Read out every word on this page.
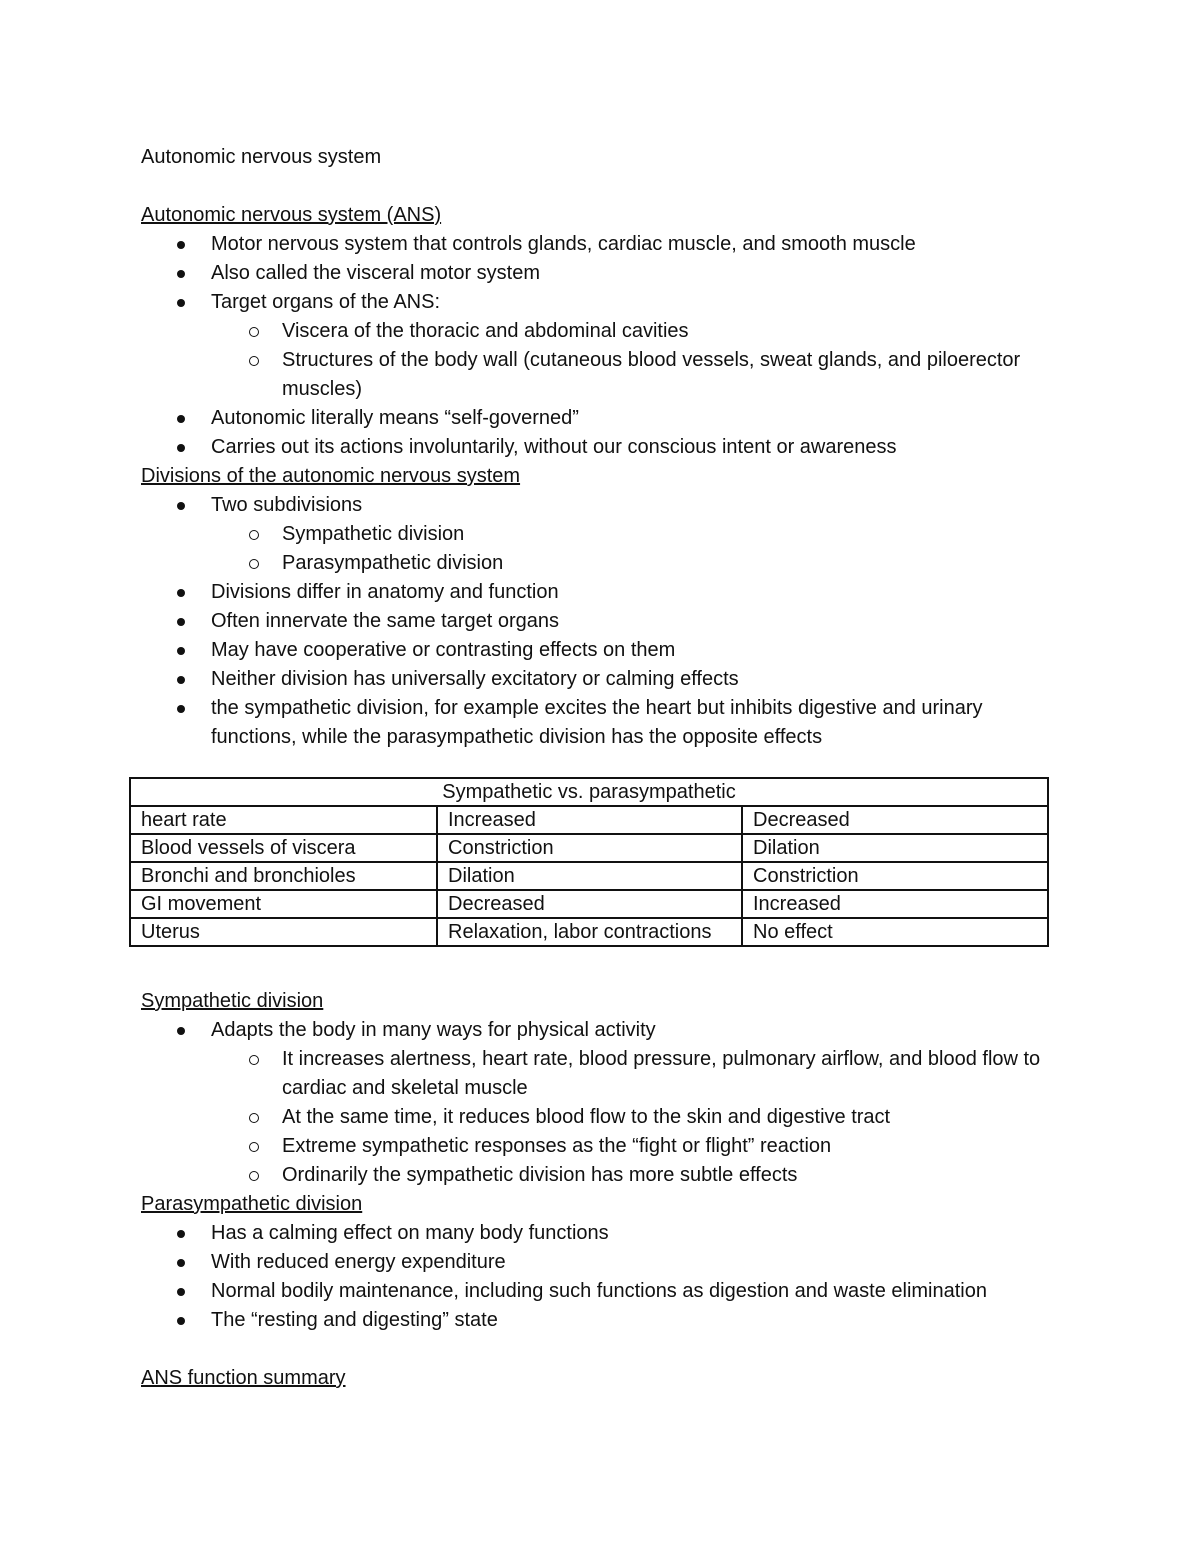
Autonomic nervous system

Autonomic nervous system (ANS)

Motor nervous system that controls glands, cardiac muscle, and smooth muscle
Also called the visceral motor system
Target organs of the ANS:
Viscera of the thoracic and abdominal cavities
Structures of the body wall (cutaneous blood vessels, sweat glands, and piloerector muscles)
Autonomic literally means “self-governed”
Carries out its actions involuntarily, without our conscious intent or awareness

Divisions of the autonomic nervous system

Two subdivisions
Sympathetic division
Parasympathetic division
Divisions differ in anatomy and function
Often innervate the same target organs
May have cooperative or contrasting effects on them
Neither division has universally excitatory or calming effects
the sympathetic division, for example excites the heart but inhibits digestive and urinary functions, while the parasympathetic division has the opposite effects
Sympathetic vs. parasympathetic		
heart rate	Increased	Decreased
Blood vessels of viscera	Constriction	Dilation
Bronchi and bronchioles	Dilation	Constriction
GI movement	Decreased	Increased
Uterus	Relaxation, labor contractions	No effect

Sympathetic division

Adapts the body in many ways for physical activity
It increases alertness, heart rate, blood pressure, pulmonary airflow, and blood flow to cardiac and skeletal muscle
At the same time, it reduces blood flow to the skin and digestive tract
Extreme sympathetic responses as the “fight or flight” reaction
Ordinarily the sympathetic division has more subtle effects

Parasympathetic division

Has a calming effect on many body functions
With reduced energy expenditure
Normal bodily maintenance, including such functions as digestion and waste elimination
The “resting and digesting” state

ANS function summary
